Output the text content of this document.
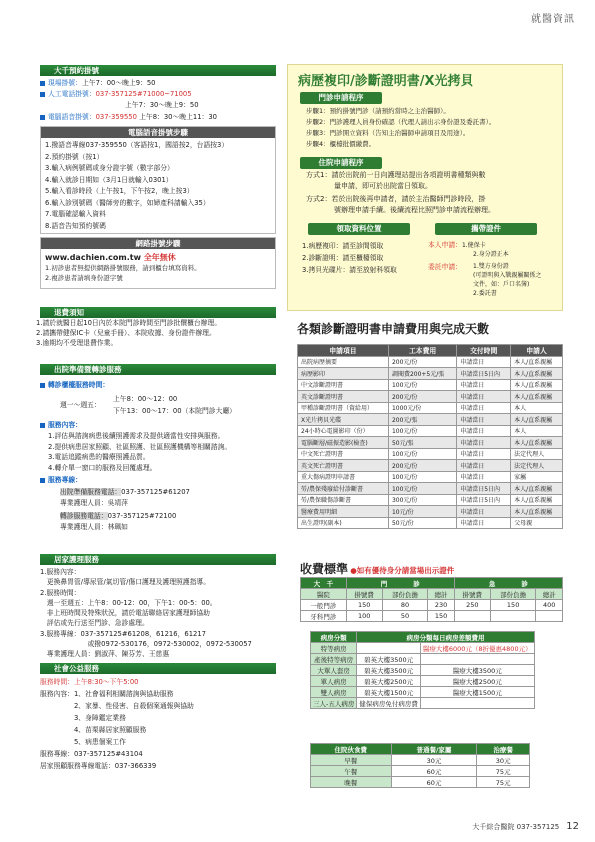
就醫資訊
大千預約掛號
現場掛號：上午7：00～晚上9：50
人工電話掛號：037-357125#71000~71005
上午7：30～晚上9：50
電腦語音掛號：037-359550 上午8：30～晚上11：30
電腦語音掛號步驟
1.撥語音專線037-359550（客語按1，國語按2，台語按3）
2.預約掛號（按1）
3.輸入病例號碼或身分證字號（數字部分）
4.輸入就診日期如（3月1日就輸入0301）
5.輸入看診時段（上午按1，下午按2，晚上按3）
6.輸入診別號碼（醫師旁的數字，如婦產科請輸入35）
7.電腦確認輸入資料
8.語音告知預約號碼
網路掛號步驟
www.dachien.com.tw 全年無休
1.初診患者無提供網路掛號服務，請到櫃台填寫資料。
2.複診患者請填身份證字號
退費須知
1.請於就醫日起10日內於本院門診時間至門診批價櫃台辦理。
2.請攜帶健保IC卡（兒童手冊）、本院收據、身份證件辦理。
3.逾期均不受理退費作業。
出院準備暨轉診服務
轉診櫃檯服務時間：
週一～週五：
上午8：00～12：00
下午13：00～17：00（本院門診大廳）
服務內容：
1.評估與諮詢病患後續照護需求及提供適當性安排與服務。
2.提供病患居家照顧、社區照護、社區照護機構等相關諮詢。
3.電話追蹤病患的醫療照護品質。
4.轉介單一窗口的服務及回覆處理。
服務專線：
出院準備服務電話：037-357125#61207
專業護理人員：吳靖萍
轉診服務電話：037-357125#72100
專業護理人員：林珮如
居家護理服務
1.服務內容：
　更換鼻胃管/導尿管/氣切管/傷口護理及護理照護指導。
2.服務時間：
　週一至週五：上午8：00-12：00，下午1：00-5：00。
　非上班時間及特殊狀況，請於電話聯絡居家護理師協助
　評估或先行送至門診、急診處理。
3.服務專線：037-357125#61208，61216，61217
　　　　　　　或撥0972-530176，0972-530002，0972-530057
　專業護理人員：劉淑萍、陳芬芳、王慈惠
社會公益服務
服務時間：上午8:30～下午5:00
服務內容：1、社會福利相關諮詢與協助服務
　　　　　2、家暴、性侵害、自殺個案通報與協助
　　　　　3、身障鑑定業務
　　　　　4、苗栗縣居家照顧服務
　　　　　5、病患個案工作
服務專線：037-357125#43104
居家照顧服務專線電話：037-366339
病歷複印/診斷證明書/X光拷貝
門診申請程序
步驟1：預約掛號門診（請預約當時之主治醫師）。
步驟2：門診護理人員身份確認（代理人請出示身份證及委託書）。
步驟3：門診開立資料（告知主治醫師申請項目及用途）。
步驟4：櫃檯批價繳費。
住院申請程序
方式1：請於出院前一日向護理站提出各項證明書種類與數
　　　　量申請，即可於出院當日領取。
方式2：若於出院後再申請者，請於主治醫師門診時段，掛
　　　　號辦理申請手續。後續流程比照門診申請流程辦理。
領取資料位置
1.病歷複印：請至診間領取
2.診斷證明：請至櫃檯領取
3.拷貝光碟片：請至放射科領取
攜帶證件
本人申請：1.健保卡
2.身分證正本
委託申請： 1.雙方身份證
(可證明與入戰親屬關係之
文件，如：戶口名簿)
2.委託書
各類診斷證明書申請費用與完成天數
申請項目	工本費用	交付時間	申請人
出院病歷摘要	200元/份	申請當日	本人/直系親屬
病歷影印	調閱費200+5元/張	申請當日5日內	本人/直系親屬
中文診斷證明書	100元/份	申請當日	本人/直系親屬
英文診斷證明書	200元/份	申請當日	本人/直系親屬
甲種診斷證明書（資給用）	1000元/份	申請當日	本人
X光片拷貝光碟	200元/張	申請當日	本人/直系親屬
24小時心電圖影印（份）	100元/份	申請當日	本人
電腦斷層/磁振造影(檢查)	50元/張	申請當日	本人/直系親屬
中文死亡證明書	100元/份	申請當日	法定代理人
英文死亡證明書	200元/份	申請當日	法定代理人
重大傷病證明申請書	100元/份	申請當日	家屬
勞/農保殘廢給付診斷書	100元/份	申請當日5日內	本人/直系親屬
勞/農保職傷診斷書	300元/份	申請當日5日內	本人/直系親屬
醫療費用明細	10元/份	申請當日	本人/直系親屬
出生證明(副本)	50元/份	申請當日	父母親
收費標準 ●如有優待身分請當場出示證件
大　千	門　　　　診			急　　　　診		
醫院	掛號費	部份負擔	總計	掛號費	部份負擔	總計
一般門診	150	80	230	250	150	400
牙科門診	100	50	150			
病房分類	病房分類每日病房差額費用	
特等病房		醫療大樓6000元（8折優惠4800元）
產後特等病房	碧英大樓3500元	
大單人套房	碧英大樓3500元	醫療大樓3500元
單人病房	碧英大樓2500元	醫療大樓2500元
雙人病房	碧英大樓1500元	醫療大樓1500元
三人-五人病房	健保病房免付病房費	
住院伙食費	普通餐/家屬	治療餐
早餐	30元	30元
午餐	60元	75元
晚餐	60元	75元
大千綜合醫院 037-357125　 12
